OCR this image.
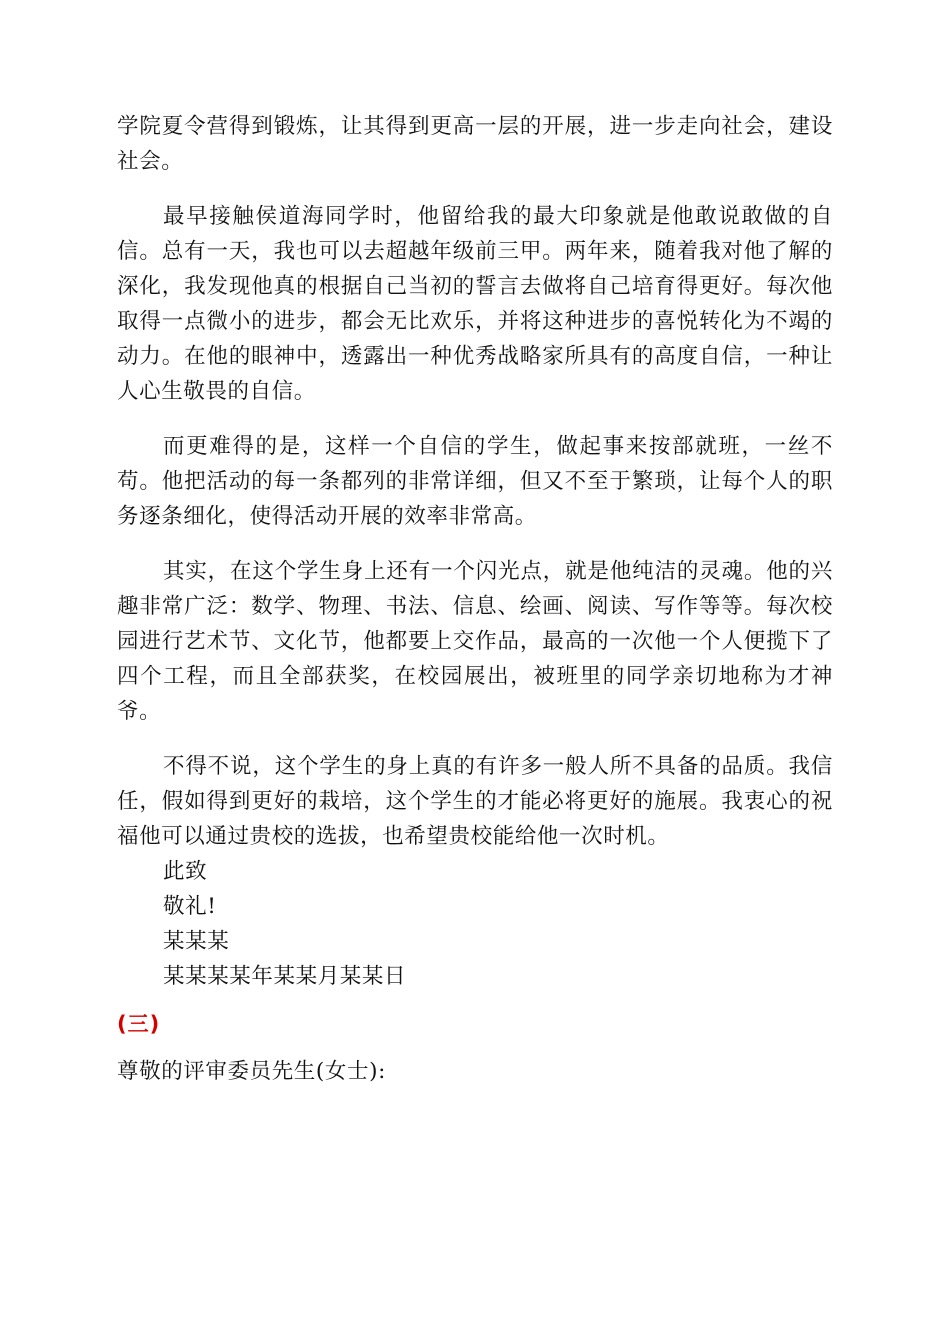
学院夏令营得到锻炼，让其得到更高一层的开展，进一步走向社会，建设社会。

最早接触侯道海同学时，他留给我的最大印象就是他敢说敢做的自信。总有一天，我也可以去超越年级前三甲。两年来，随着我对他了解的深化，我发现他真的根据自己当初的誓言去做将自己培育得更好。每次他取得一点微小的进步，都会无比欢乐，并将这种进步的喜悦转化为不竭的动力。在他的眼神中，透露出一种优秀战略家所具有的高度自信，一种让人心生敬畏的自信。

而更难得的是，这样一个自信的学生，做起事来按部就班，一丝不苟。他把活动的每一条都列的非常详细，但又不至于繁琐，让每个人的职务逐条细化，使得活动开展的效率非常高。

其实，在这个学生身上还有一个闪光点，就是他纯洁的灵魂。他的兴趣非常广泛：数学、物理、书法、信息、绘画、阅读、写作等等。每次校园进行艺术节、文化节，他都要上交作品，最高的一次他一个人便揽下了四个工程，而且全部获奖，在校园展出，被班里的同学亲切地称为才神爷。

不得不说，这个学生的身上真的有许多一般人所不具备的品质。我信任，假如得到更好的栽培，这个学生的才能必将更好的施展。我衷心的祝福他可以通过贵校的选拔，也希望贵校能给他一次时机。

此致

敬礼!

某某某

某某某某年某某月某某日

(三)

尊敬的评审委员先生(女士):
